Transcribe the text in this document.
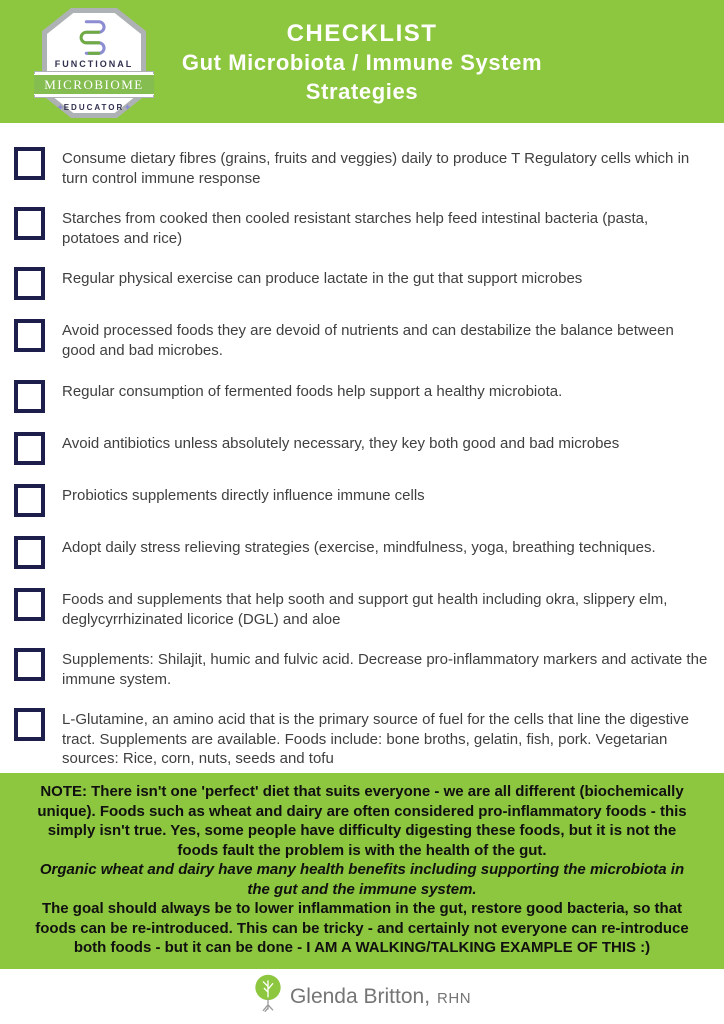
FUNCTIONAL
MICROBIOME
✦EDUCATOR✦
CHECKLIST
Gut Microbiota / Immune System
Strategies
Consume dietary fibres (grains, fruits and veggies) daily to produce T Regulatory cells which in turn control immune response
Starches from cooked then cooled resistant starches help feed intestinal bacteria (pasta, potatoes and rice)
Regular physical exercise can produce lactate in the gut that support microbes
Avoid processed foods they are devoid of nutrients and can destabilize the balance between good and bad microbes.
Regular consumption of fermented foods help support a healthy microbiota.
Avoid antibiotics unless absolutely necessary, they key both good and bad microbes
Probiotics supplements directly influence immune cells
Adopt daily stress relieving strategies (exercise, mindfulness, yoga, breathing techniques.
Foods and supplements that help sooth and support gut health including okra, slippery elm, deglycyrrhizinated licorice (DGL) and aloe
Supplements: Shilajit, humic and fulvic acid. Decrease pro-inflammatory markers and activate the immune system.
L-Glutamine, an amino acid that is the primary source of fuel for the cells that line the digestive tract. Supplements are available. Foods include: bone broths, gelatin, fish, pork. Vegetarian sources: Rice, corn, nuts, seeds and tofu

NOTE: There isn't one 'perfect' diet that suits everyone - we are all different (biochemically unique). Foods such as wheat and dairy are often considered pro-inflammatory foods - this simply isn't true. Yes, some people have difficulty digesting these foods, but it is not the foods fault the problem is with the health of the gut.

Organic wheat and dairy have many health benefits including supporting the microbiota in the gut and the immune system.

The goal should always be to lower inflammation in the gut, restore good bacteria, so that foods can be re-introduced. This can be tricky - and certainly not everyone can re-introduce both foods - but it can be done - I AM A WALKING/TALKING EXAMPLE OF THIS :)

Glenda Britton, RHN
